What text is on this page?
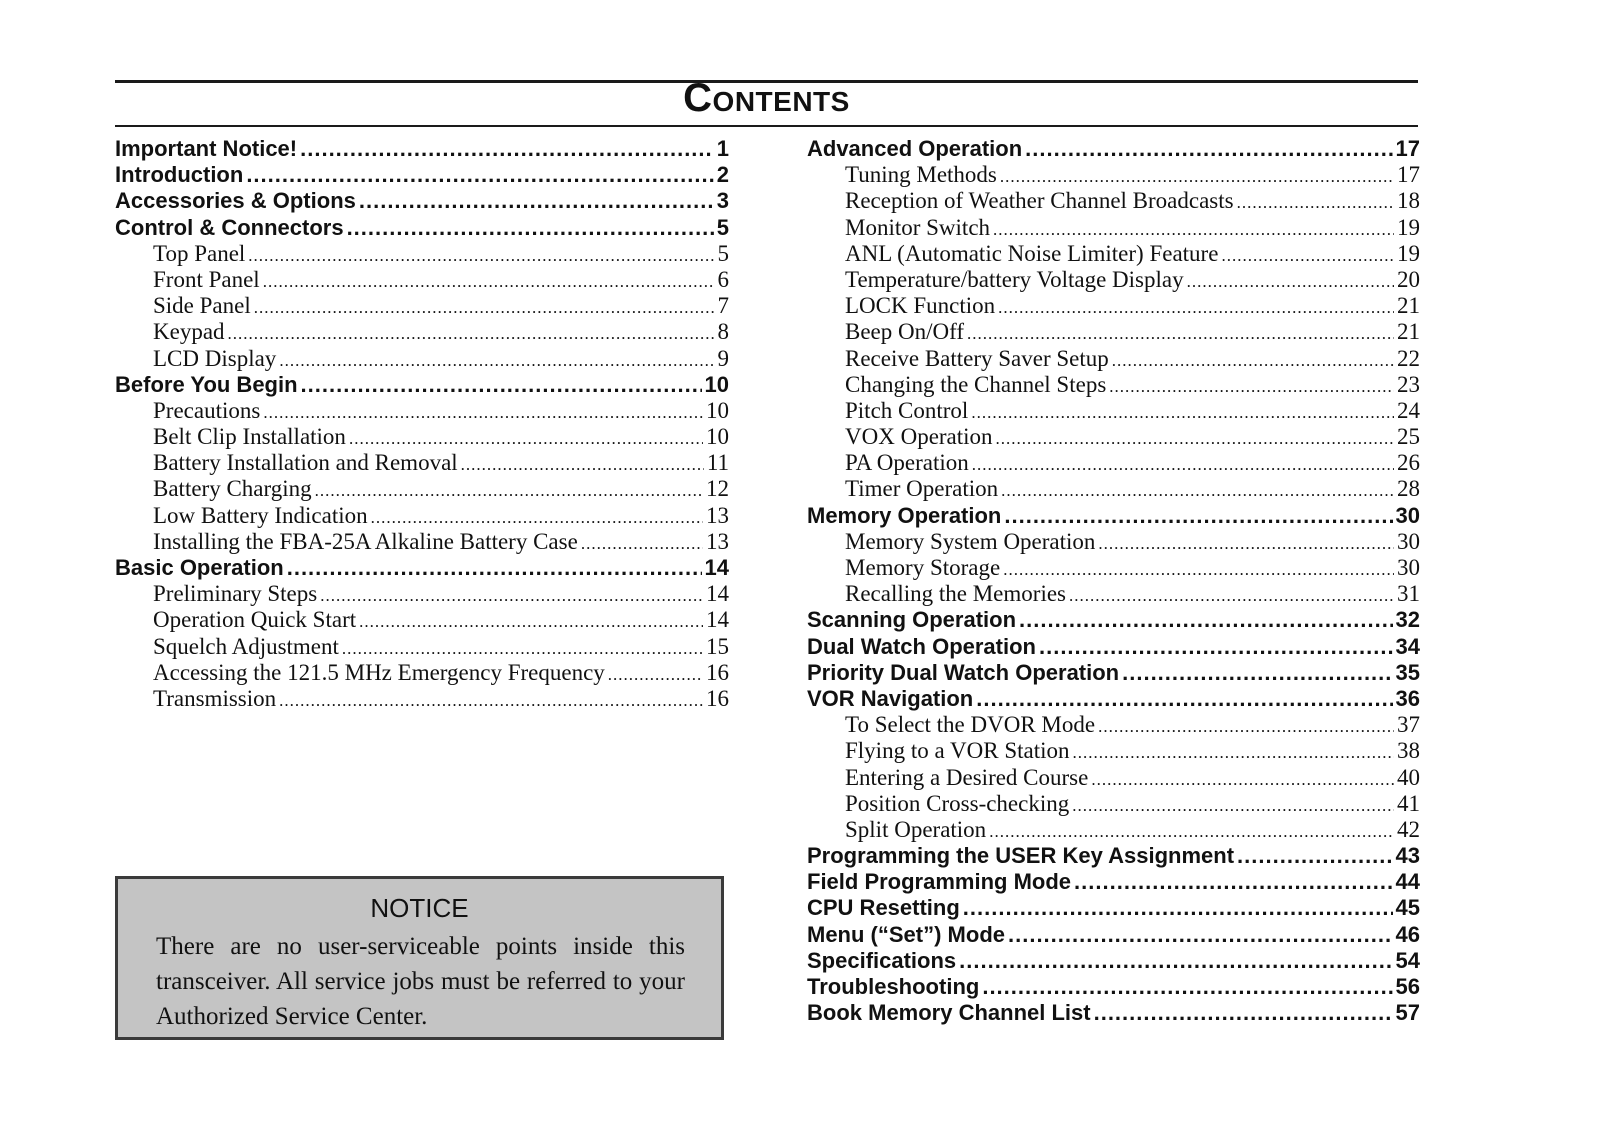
Contents
Important Notice! .....	1
Introduction .....	2
Accessories & Options .....	3
Control & Connectors .....	5
Top Panel .....	5
Front Panel .....	6
Side Panel .....	7
Keypad .....	8
LCD Display .....	9
Before You Begin .....	10
Precautions .....	10
Belt Clip Installation .....	10
Battery Installation and Removal .....	11
Battery Charging .....	12
Low Battery Indication .....	13
Installing the FBA-25A Alkaline Battery Case .....	13
Basic Operation .....	14
Preliminary Steps .....	14
Operation Quick Start .....	14
Squelch Adjustment .....	15
Accessing the 121.5 MHz Emergency Frequency .....	16
Transmission .....	16
Advanced Operation .....	17
Tuning Methods .....	17
Reception of Weather Channel Broadcasts .....	18
Monitor Switch .....	19
ANL (Automatic Noise Limiter) Feature .....	19
Temperature/battery Voltage Display .....	20
LOCK Function .....	21
Beep On/Off .....	21
Receive Battery Saver Setup .....	22
Changing the Channel Steps .....	23
Pitch Control .....	24
VOX Operation .....	25
PA Operation .....	26
Timer Operation .....	28
Memory Operation .....	30
Memory System Operation .....	30
Memory Storage .....	30
Recalling the Memories .....	31
Scanning Operation .....	32
Dual Watch Operation .....	34
Priority Dual Watch Operation .....	35
VOR Navigation .....	36
To Select the DVOR Mode .....	37
Flying to a VOR Station .....	38
Entering a Desired Course .....	40
Position Cross-checking .....	41
Split Operation .....	42
Programming the USER Key Assignment .....	43
Field Programming Mode .....	44
CPU Resetting .....	45
Menu (“Set”) Mode .....	46
Specifications .....	54
Troubleshooting .....	56
Book Memory Channel List .....	57
NOTICE
There are no user-serviceable points inside this transceiver. All service jobs must be referred to your Authorized Service Center.
